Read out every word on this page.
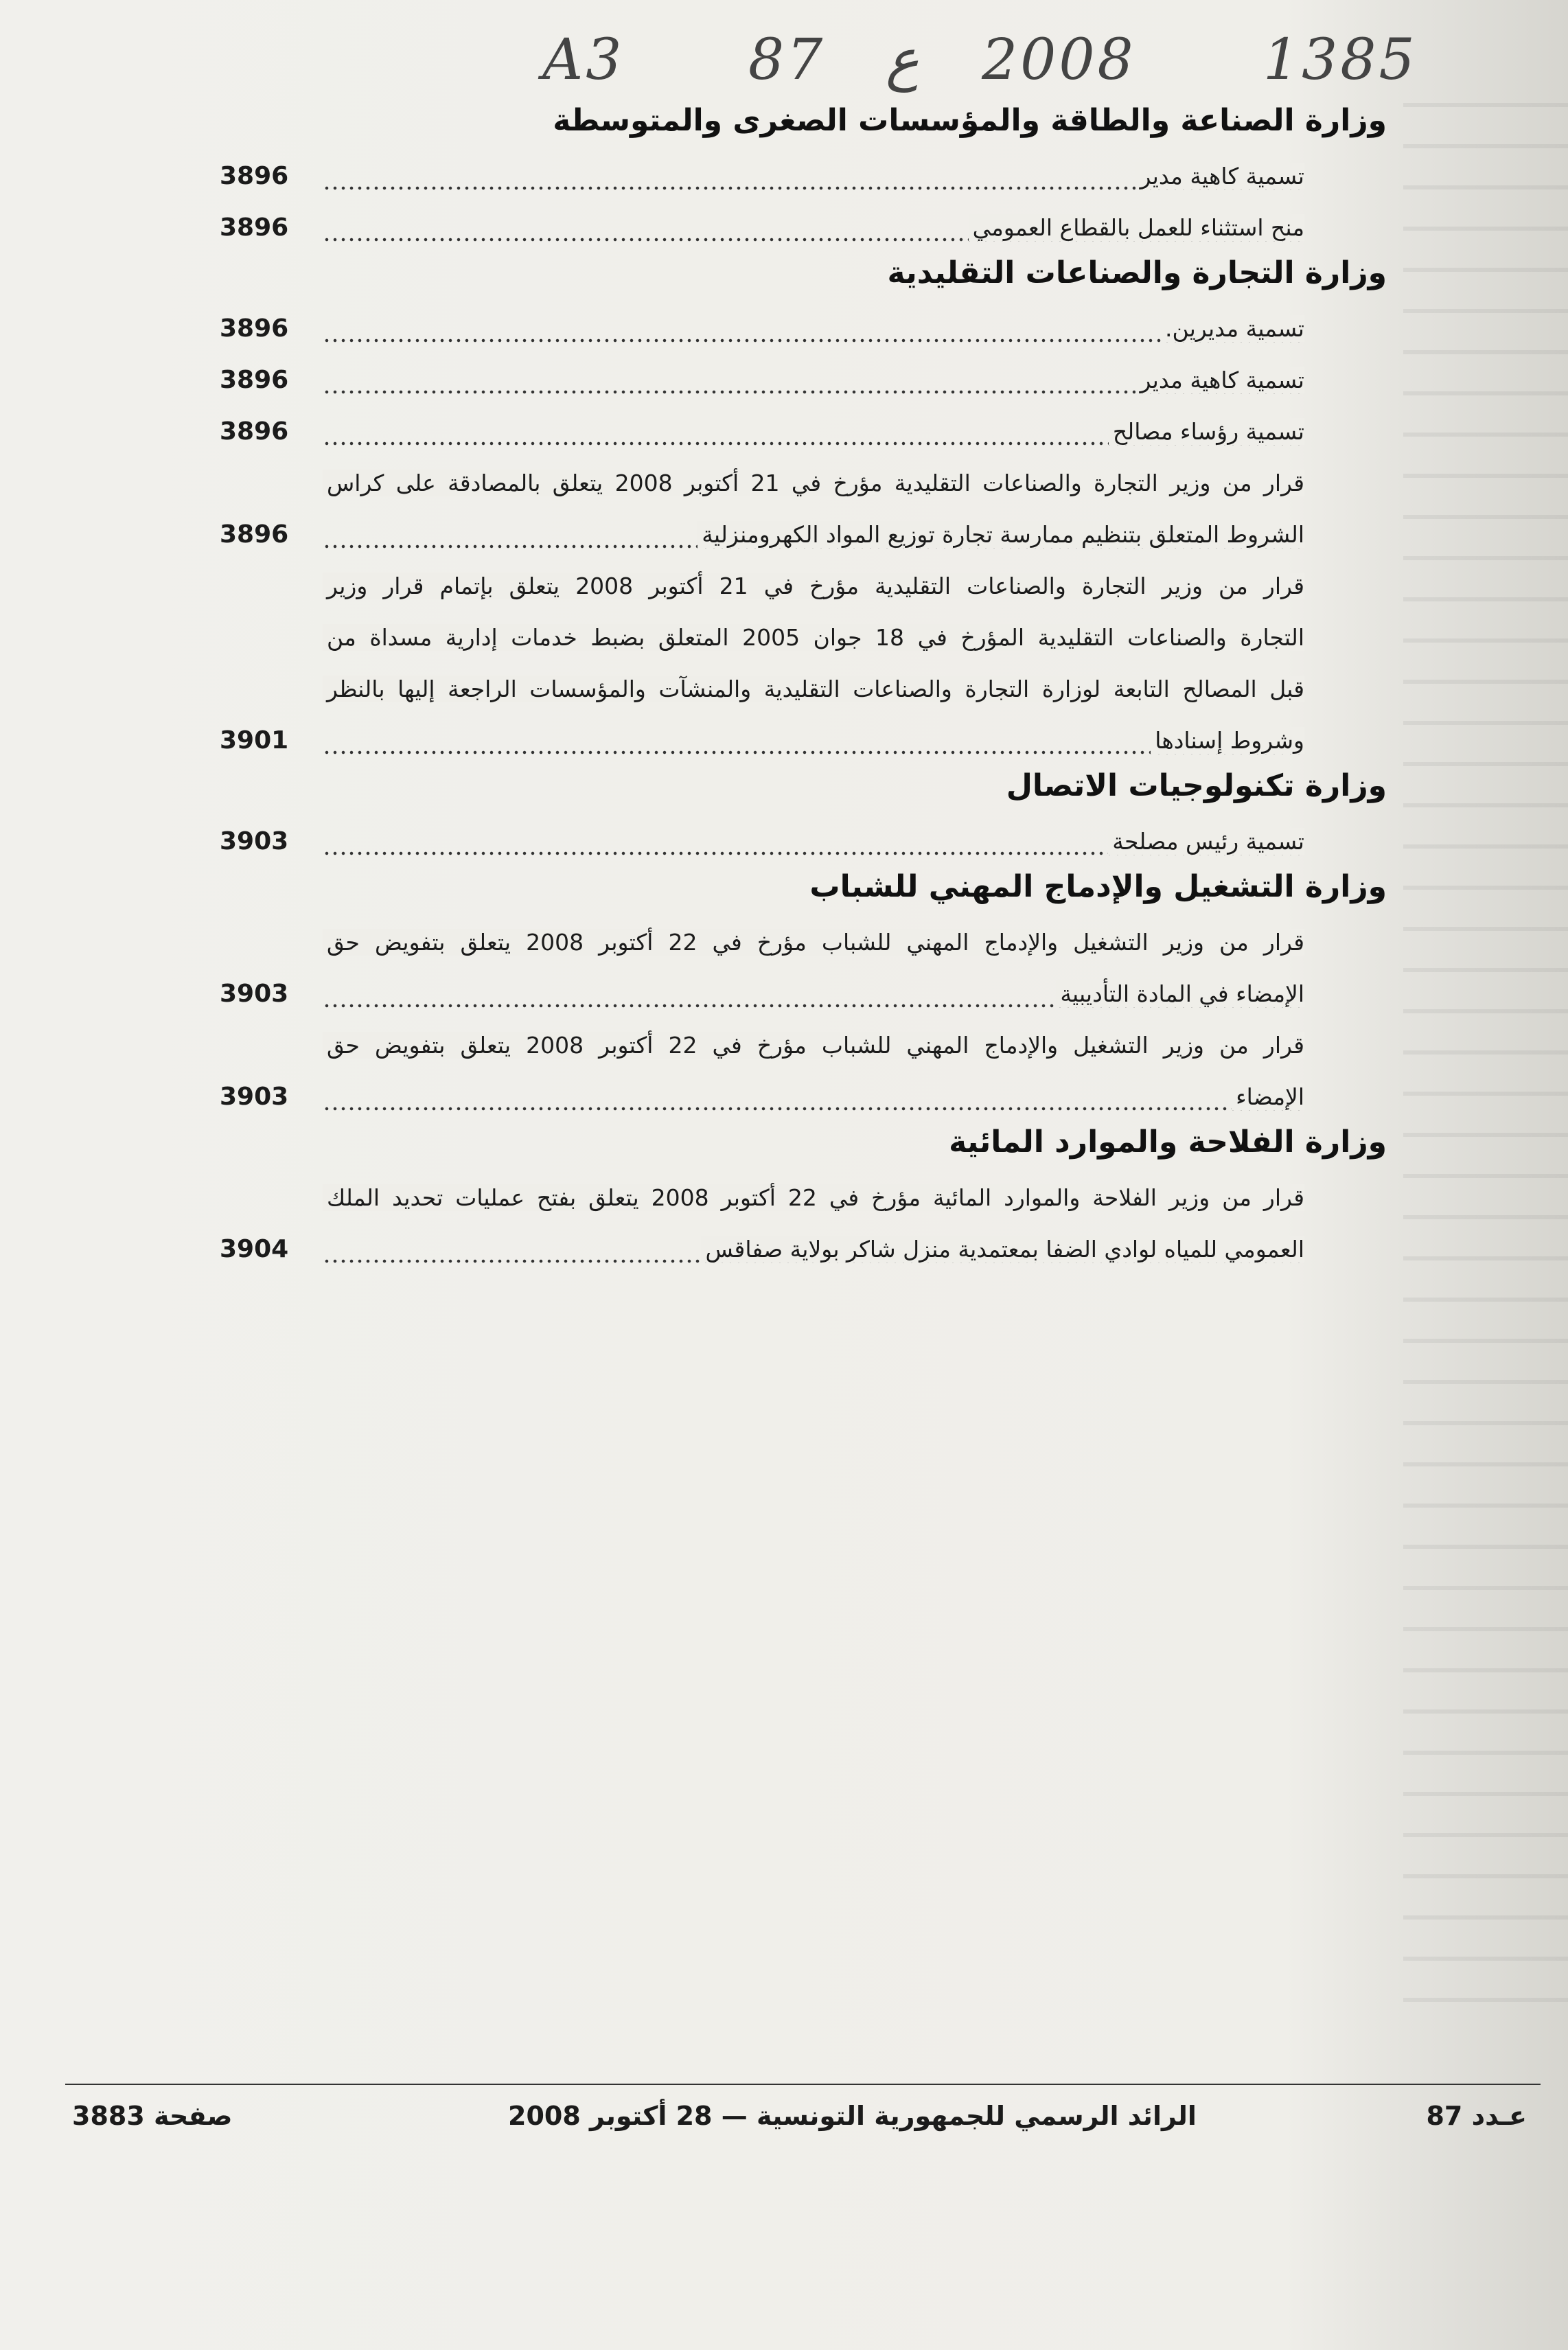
A3 87 ع 2008 1385
وزارة الصناعة والطاقة والمؤسسات الصغرى والمتوسطة
تسمية كاهية مدير
3896
منح استثناء للعمل بالقطاع العمومي
3896
وزارة التجارة والصناعات التقليدية
تسمية مديرين.
3896
تسمية كاهية مدير
3896
تسمية رؤساء مصالح
3896
قرار من وزير التجارة والصناعات التقليدية مؤرخ في 21 أكتوبر 2008 يتعلق بالمصادقة على كراس
الشروط المتعلق بتنظيم ممارسة تجارة توزيع المواد الكهرومنزلية
3896
قرار من وزير التجارة والصناعات التقليدية مؤرخ في 21 أكتوبر 2008 يتعلق بإتمام قرار وزير
التجارة والصناعات التقليدية المؤرخ في 18 جوان 2005 المتعلق بضبط خدمات إدارية مسداة من
قبل المصالح التابعة لوزارة التجارة والصناعات التقليدية والمنشآت والمؤسسات الراجعة إليها بالنظر
وشروط إسنادها
3901
وزارة تكنولوجيات الاتصال
تسمية رئيس مصلحة
3903
وزارة التشغيل والإدماج المهني للشباب
قرار من وزير التشغيل والإدماج المهني للشباب مؤرخ في 22 أكتوبر 2008 يتعلق بتفويض حق
الإمضاء في المادة التأديبية
3903
قرار من وزير التشغيل والإدماج المهني للشباب مؤرخ في 22 أكتوبر 2008 يتعلق بتفويض حق
الإمضاء
3903
وزارة الفلاحة والموارد المائية
قرار من وزير الفلاحة والموارد المائية مؤرخ في 22 أكتوبر 2008 يتعلق بفتح عمليات تحديد الملك
العمومي للمياه لوادي الضفا بمعتمدية منزل شاكر بولاية صفاقس
3904
عـدد 87
الرائد الرسمي للجمهورية التونسية — 28 أكتوبر 2008
صفحة 3883
